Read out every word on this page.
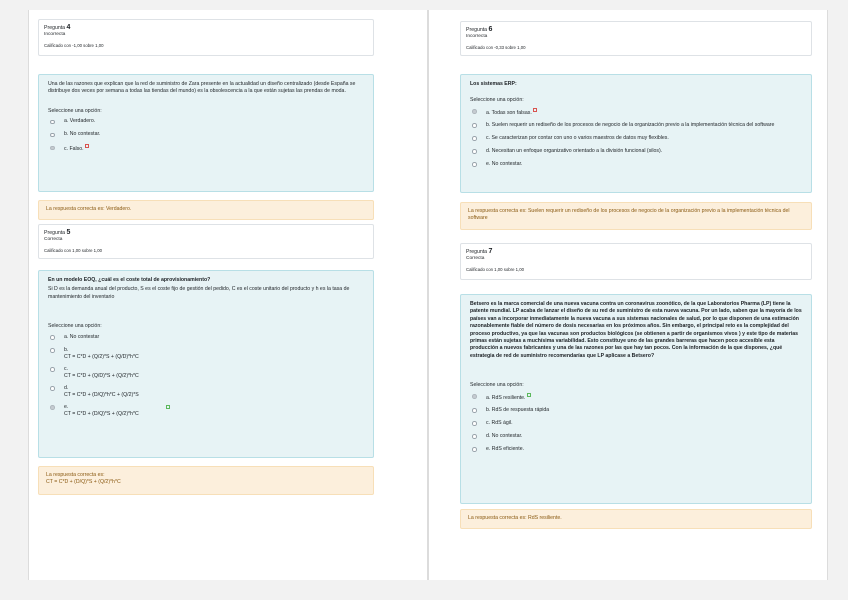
Pregunta 4
Incorrecta
Calificado con -1,00 sobre 1,00

Una de las razones que explican que la red de suministro de Zara presente en la actualidad un diseño centralizado (desde España se distribuye dos veces por semana a todas las tiendas del mundo) es la obsolescencia a la que están sujetas las prendas de moda.

Seleccione una opción:

a. Verdadero.
b. No contestar.
c. Falso.
La respuesta correcta es: Verdadero.
Pregunta 5
Correcta
Calificado con 1,00 sobre 1,00

En un modelo EOQ, ¿cuál es el coste total de aprovisionamiento?

Si D es la demanda anual del producto, S es el coste fijo de gestión del pedido, C es el coste unitario del producto y h es la tasa de mantenimiento del inventario

Seleccione una opción:

a. No contestar
b.
CT = C*D + (Q/2)*S + (Q/D)*h*C
c.
CT = C*D + (Q/D)*S + (Q/2)*h*C
d.
CT = C*D + (D/Q)*h*C + (Q/2)*S
e.
CT = C*D + (D/Q)*S + (Q/2)*h*C
La respuesta correcta es:
CT = C*D + (D/Q)*S + (Q/2)*h*C
Pregunta 6
Incorrecta
Calificado con -0,33 sobre 1,00

Los sistemas ERP:

Seleccione una opción:

a. Todas son falsas.
b. Suelen requerir un rediseño de los procesos de negocio de la organización previo a la implementación técnica del software
c. Se caracterizan por contar con uno o varios maestros de datos muy flexibles.
d. Necesitan un enfoque organizativo orientado a la división funcional (silos).
e. No contestar.
La respuesta correcta es: Suelen requerir un rediseño de los procesos de negocio de la organización previo a la implementación técnica del software
Pregunta 7
Correcta
Calificado con 1,00 sobre 1,00

Betsero es la marca comercial de una nueva vacuna contra un coronavirus zoonótico, de la que Laboratorios Pharma (LP) tiene la patente mundial. LP acaba de lanzar el diseño de su red de suministro de esta nueva vacuna. Por un lado, saben que la mayoría de los países van a incorporar inmediatamente la nueva vacuna a sus sistemas nacionales de salud, por lo que disponen de una estimación razonablemente fiable del número de dosis necesarias en los próximos años. Sin embargo, el principal reto es la complejidad del proceso productivo, ya que las vacunas son productos biológicos (se obtienen a partir de organismos vivos ) y este tipo de materias primas están sujetas a muchísima variabilidad. Esto constituye uno de las grandes barreras que hacen poco accesible esta producción a nuevos fabricantes y una de las razones por las que hay tan pocos. Con la información de la que dispones, ¿qué estrategia de red de suministro recomendarías que LP aplicase a Betsero?

Seleccione una opción:

a. RdS resiliente.
b. RdS de respuesta rápida
c. RdS ágil.
d. No contestar.
e. RdS eficiente.
La respuesta correcta es: RdS resiliente.
